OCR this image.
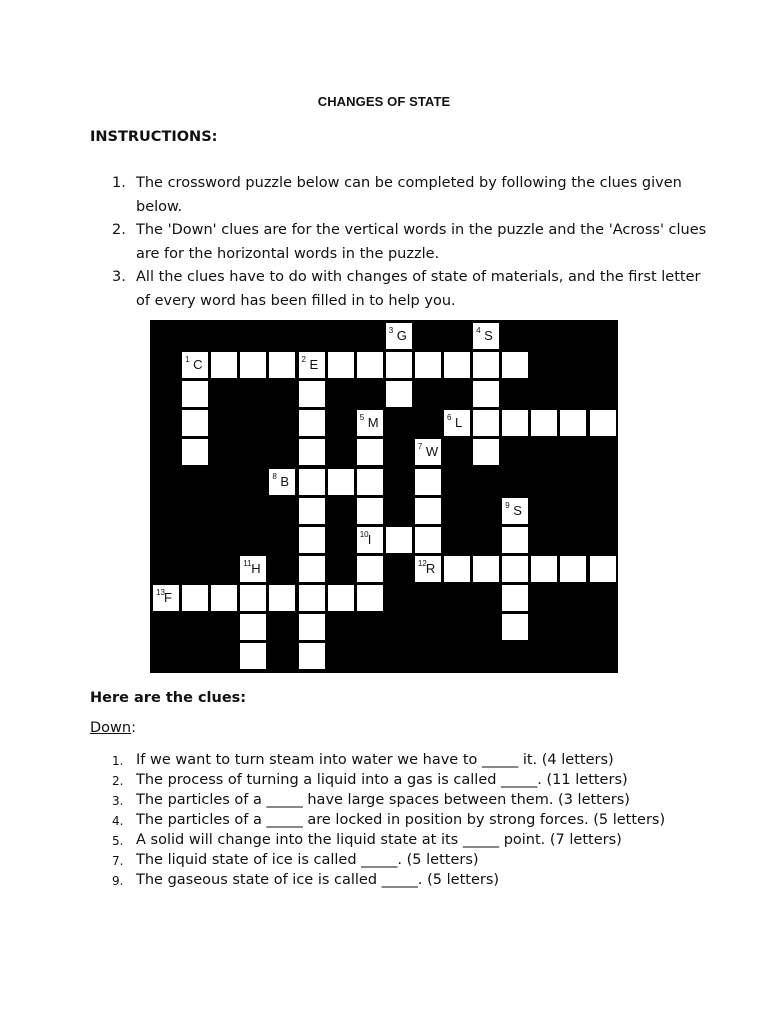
CHANGES OF STATE
INSTRUCTIONS:
1. The crossword puzzle below can be completed by following the clues given below.
2. The 'Down' clues are for the vertical words in the puzzle and the 'Across' clues are for the horizontal words in the puzzle.
3. All the clues have to do with changes of state of materials, and the first letter of every word has been filled in to help you.
3 G	4 S
1 C	2 E
5 M	6 L
7 W
8 B
9 S
10 I
11 H	12 R
13 F
Here are the clues:
Down:
1. If we want to turn steam into water we have to _____ it. (4 letters)
2. The process of turning a liquid into a gas is called _____. (11 letters)
3. The particles of a _____ have large spaces between them. (3 letters)
4. The particles of a _____ are locked in position by strong forces. (5 letters)
5. A solid will change into the liquid state at its _____ point. (7 letters)
7. The liquid state of ice is called _____. (5 letters)
9. The gaseous state of ice is called _____. (5 letters)
